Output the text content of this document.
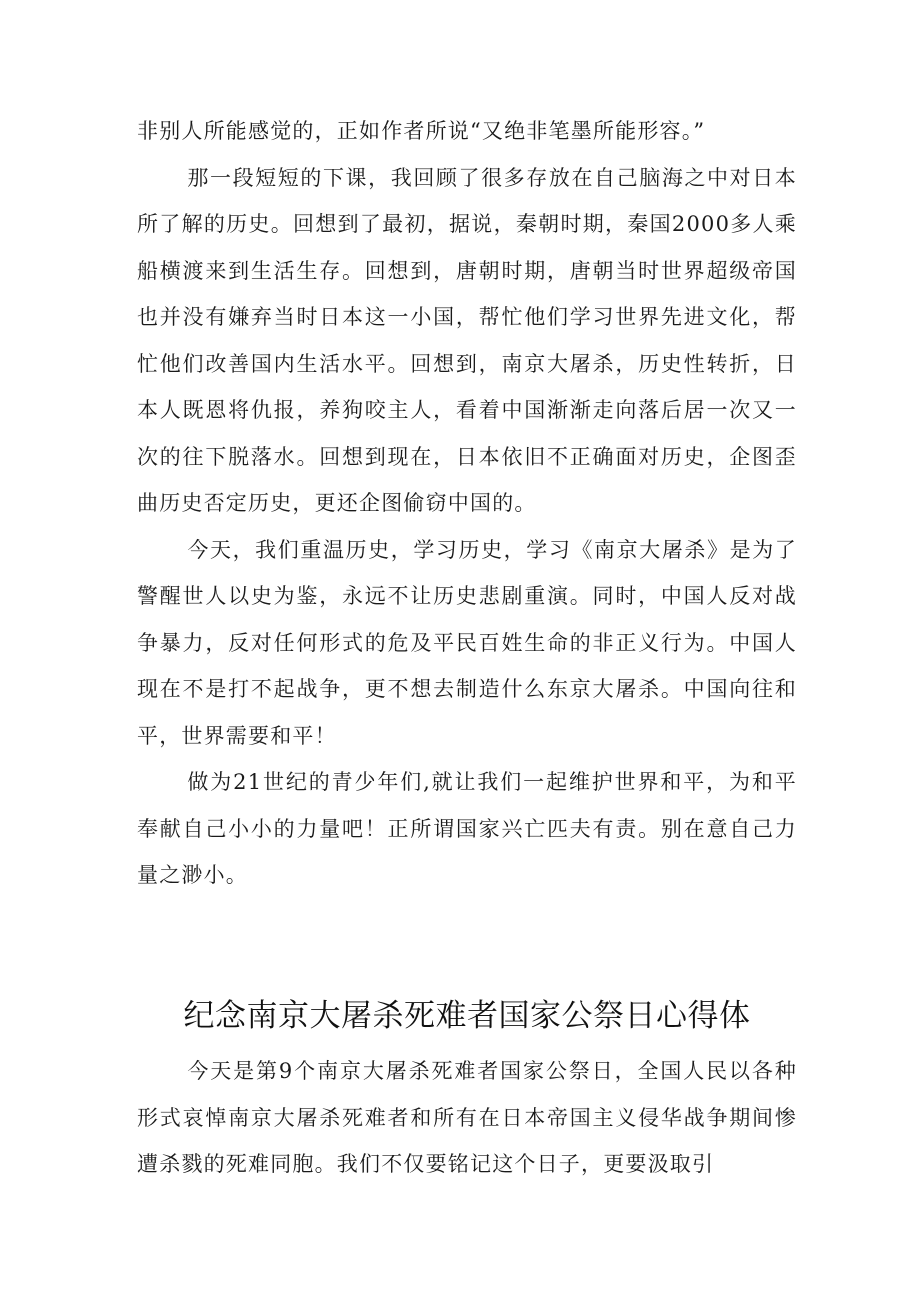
非别人所能感觉的，正如作者所说“又绝非笔墨所能形容。”

那一段短短的下课，我回顾了很多存放在自己脑海之中对日本所了解的历史。回想到了最初，据说，秦朝时期，秦国2000多人乘船横渡来到生活生存。回想到，唐朝时期，唐朝当时世界超级帝国也并没有嫌弃当时日本这一小国，帮忙他们学习世界先进文化，帮忙他们改善国内生活水平。回想到，南京大屠杀，历史性转折，日本人既恩将仇报，养狗咬主人，看着中国渐渐走向落后居一次又一次的往下脱落水。回想到现在，日本依旧不正确面对历史，企图歪曲历史否定历史，更还企图偷窃中国的。

今天，我们重温历史，学习历史，学习《南京大屠杀》是为了警醒世人以史为鉴，永远不让历史悲剧重演。同时，中国人反对战争暴力，反对任何形式的危及平民百姓生命的非正义行为。中国人现在不是打不起战争，更不想去制造什么东京大屠杀。中国向往和平，世界需要和平！

做为21世纪的青少年们,就让我们一起维护世界和平，为和平奉献自己小小的力量吧！正所谓国家兴亡匹夫有责。别在意自己力量之渺小。

纪念南京大屠杀死难者国家公祭日心得体

今天是第9个南京大屠杀死难者国家公祭日，全国人民以各种形式哀悼南京大屠杀死难者和所有在日本帝国主义侵华战争期间惨遭杀戮的死难同胞。我们不仅要铭记这个日子，更要汲取引
